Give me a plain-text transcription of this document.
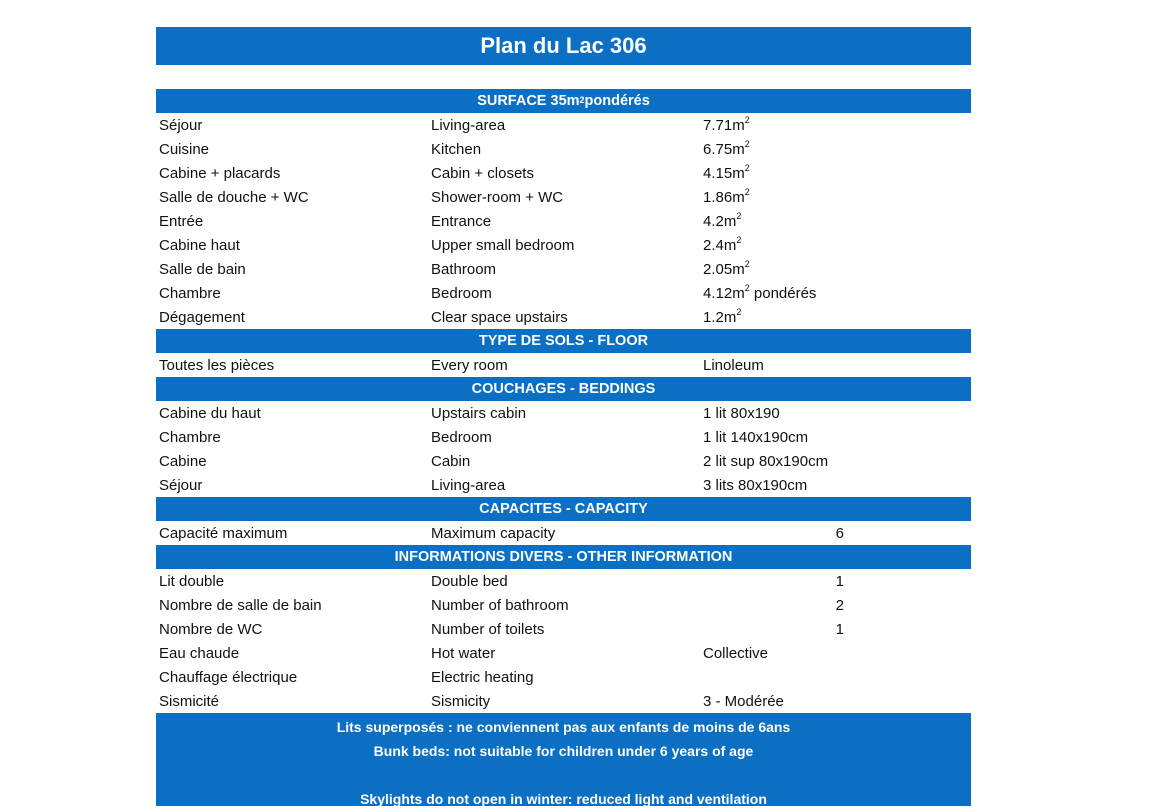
Plan du Lac 306
SURFACE $35m^2$ pondérés
Séjour	Living-area	$7.71m^2$
Cuisine	Kitchen	$6.75m^2$
Cabine + placards	Cabin + closets	$4.15m^2$
Salle de douche + WC	Shower-room + WC	$1.86m^2$
Entrée	Entrance	$4.2m^2$
Cabine haut	Upper small bedroom	$2.4m^2$
Salle de bain	Bathroom	$2.05m^2$
Chambre	Bedroom	$4.12m^2$ pondérés
Dégagement	Clear space upstairs	$1.2m^2$
TYPE DE SOLS - FLOOR
Toutes les pièces	Every room	Linoleum
COUCHAGES - BEDDINGS
Cabine du haut	Upstairs cabin	1 lit 80x190
Chambre	Bedroom	1 lit 140x190cm
Cabine	Cabin	2 lit sup 80x190cm
Séjour	Living-area	3 lits 80x190cm
CAPACITES - CAPACITY
Capacité maximum	Maximum capacity	6
INFORMATIONS DIVERS - OTHER INFORMATION
Lit double	Double bed	1
Nombre de salle de bain	Number of bathroom	2
Nombre de WC	Number of toilets	1
Eau chaude	Hot water	Collective
Chauffage électrique	Electric heating
Sismicité	Sismicity	3 - Modérée
Lits superposés : ne conviennent pas aux enfants de moins de 6ans
Bunk beds: not suitable for children under 6 years of age
Skylights do not open in winter: reduced light and ventilation
